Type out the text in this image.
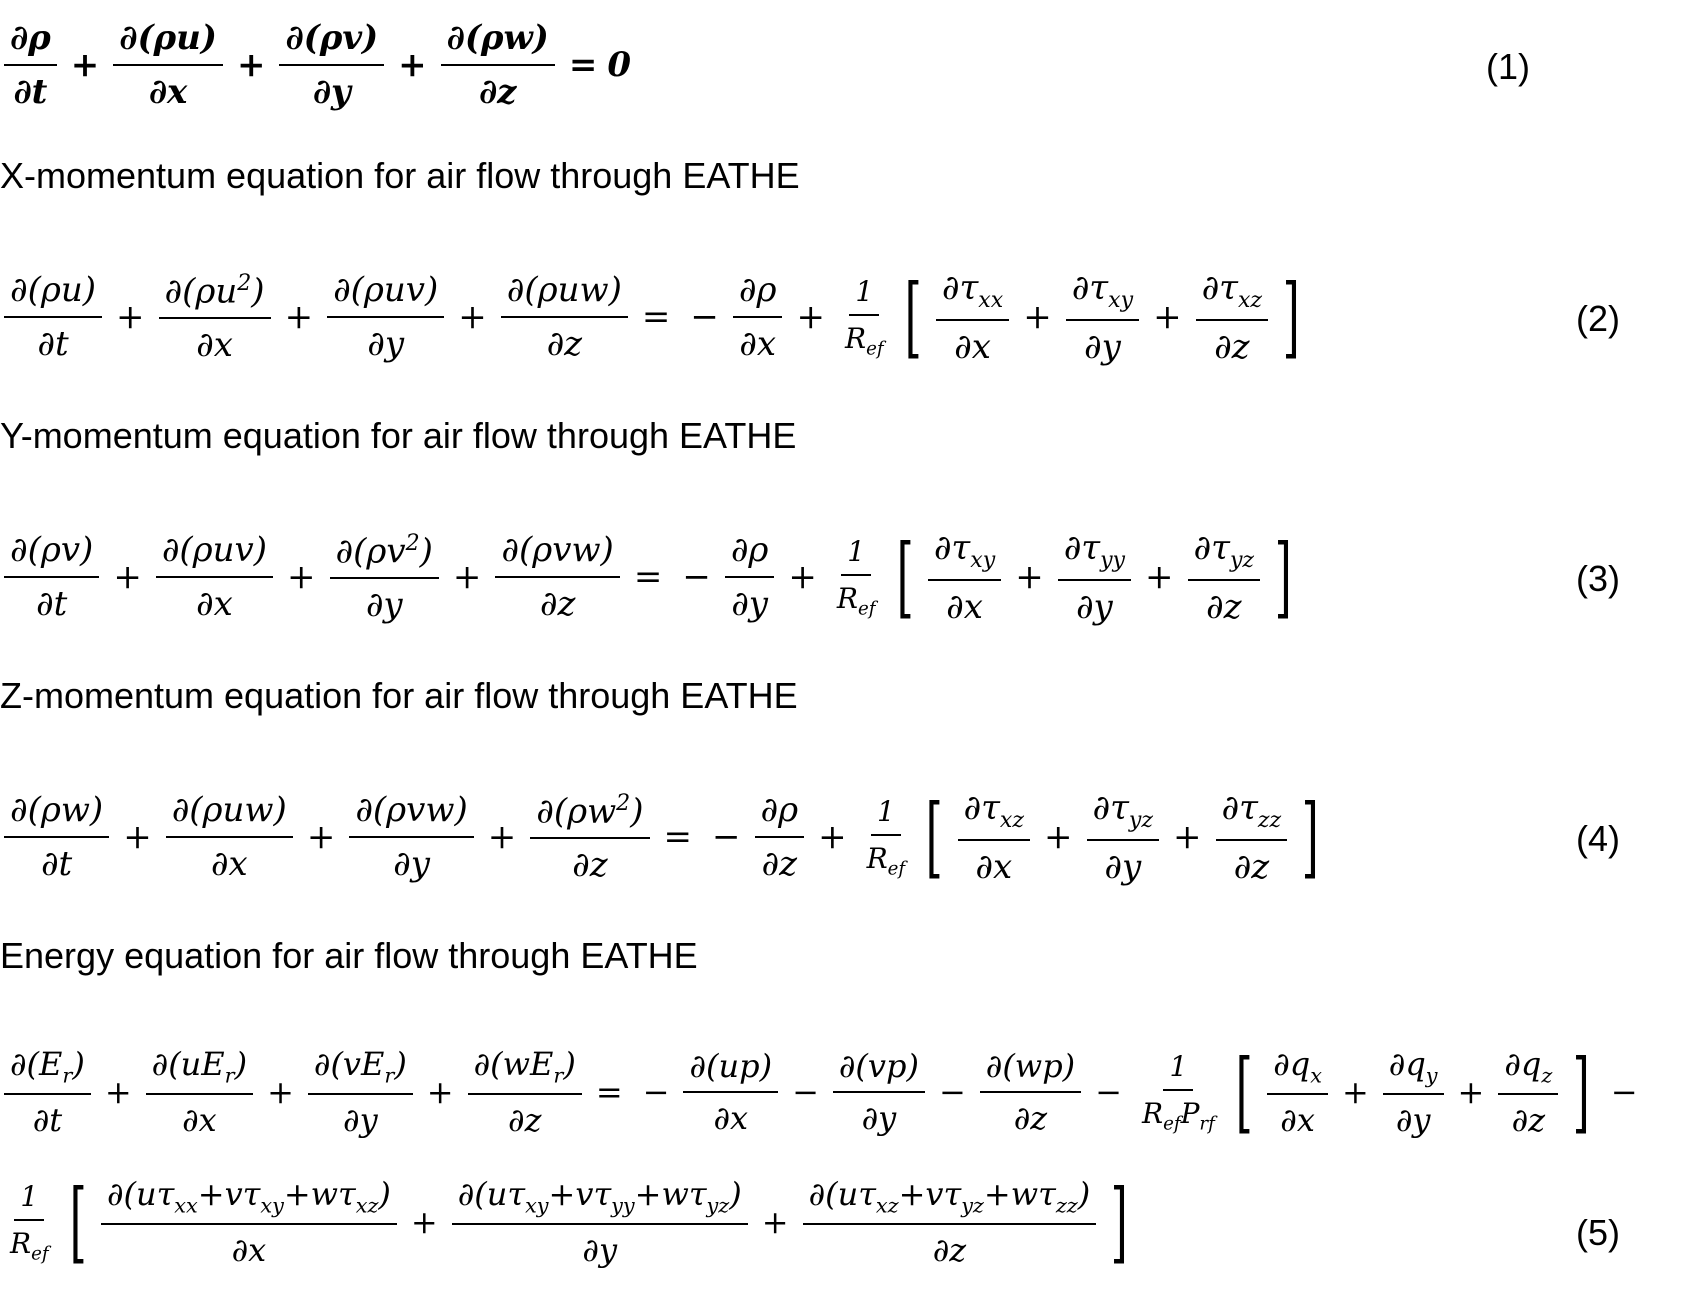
$\frac{\partial\rho}{\partial t} + \frac{\partial(\rho u)}{\partial x} + \frac{\partial(\rho v)}{\partial y} + \frac{\partial(\rho w)}{\partial z} = 0$	(1)
X-momentum equation for air flow through EATHE
$\frac{\partial(\rho u)}{\partial t} + \frac{\partial(\rho u^2)}{\partial x} + \frac{\text{∂(ρuv)}}{\partial y} + \frac{\text{∂(ρuw)}}{\partial z}$ = − $\frac{\partial\rho}{\partial x} + \frac{1}{R_{ef}}$ [ $\frac{\partial\tau_{xx}}{\partial x} + \frac{\partial\tau_{xy}}{\partial y} + \frac{\partial\tau_{xz}}{\partial z}$ ]	(2)
Y-momentum equation for air flow through EATHE
$\frac{\partial(\rho v)}{\partial t} + \frac{\text{∂(ρuv)}}{\partial x} + \frac{\partial(\rho v^2)}{\partial y} + \frac{\text{∂(ρvw)}}{\partial z}$ = − $\frac{\partial\rho}{\partial y} + \frac{1}{R_{ef}}$ [ $\frac{\partial\tau_{xy}}{\partial x} + \frac{\partial\tau_{yy}}{\partial y} + \frac{\partial\tau_{yz}}{\partial z}$ ]	(3)
Z-momentum equation for air flow through EATHE
$\frac{\partial(\rho w)}{\partial t} + \frac{\text{∂(ρuw)}}{\partial x} + \frac{\text{∂(ρvw)}}{\partial y} + \frac{\partial(\rho w^2)}{\partial z}$ = − $\frac{\partial\rho}{\partial z} + \frac{1}{R_{ef}}$ [ $\frac{\partial\tau_{xz}}{\partial x} + \frac{\partial\tau_{yz}}{\partial y} + \frac{\partial\tau_{zz}}{\partial z}$ ]	(4)
Energy equation for air flow through EATHE
$\frac{\partial(E_r)}{\partial t} + \frac{\partial(uE_r)}{\partial x} + \frac{\partial(vE_r)}{\partial y} + \frac{\partial(wE_r)}{\partial z}$ = − $\frac{\partial(up)}{\partial x} - \frac{\partial(vp)}{\partial y} - \frac{\partial(wp)}{\partial z} - \frac{1}{R_{ef}P_{rf}}$ [ $\frac{\partial q_x}{\partial x} + \frac{\partial q_y}{\partial y} + \frac{\partial q_z}{\partial z}$ ] −
$\frac{1}{R_{ef}}$ [ $\frac{\partial(u\tau_{xx}+v\tau_{xy}+w\tau_{xz})}{\partial x} + \frac{\partial(u\tau_{xy}+v\tau_{yy}+w\tau_{yz})}{\partial y} + \frac{\partial(u\tau_{xz}+v\tau_{yz}+w\tau_{zz})}{\partial z}$ ]	(5)
